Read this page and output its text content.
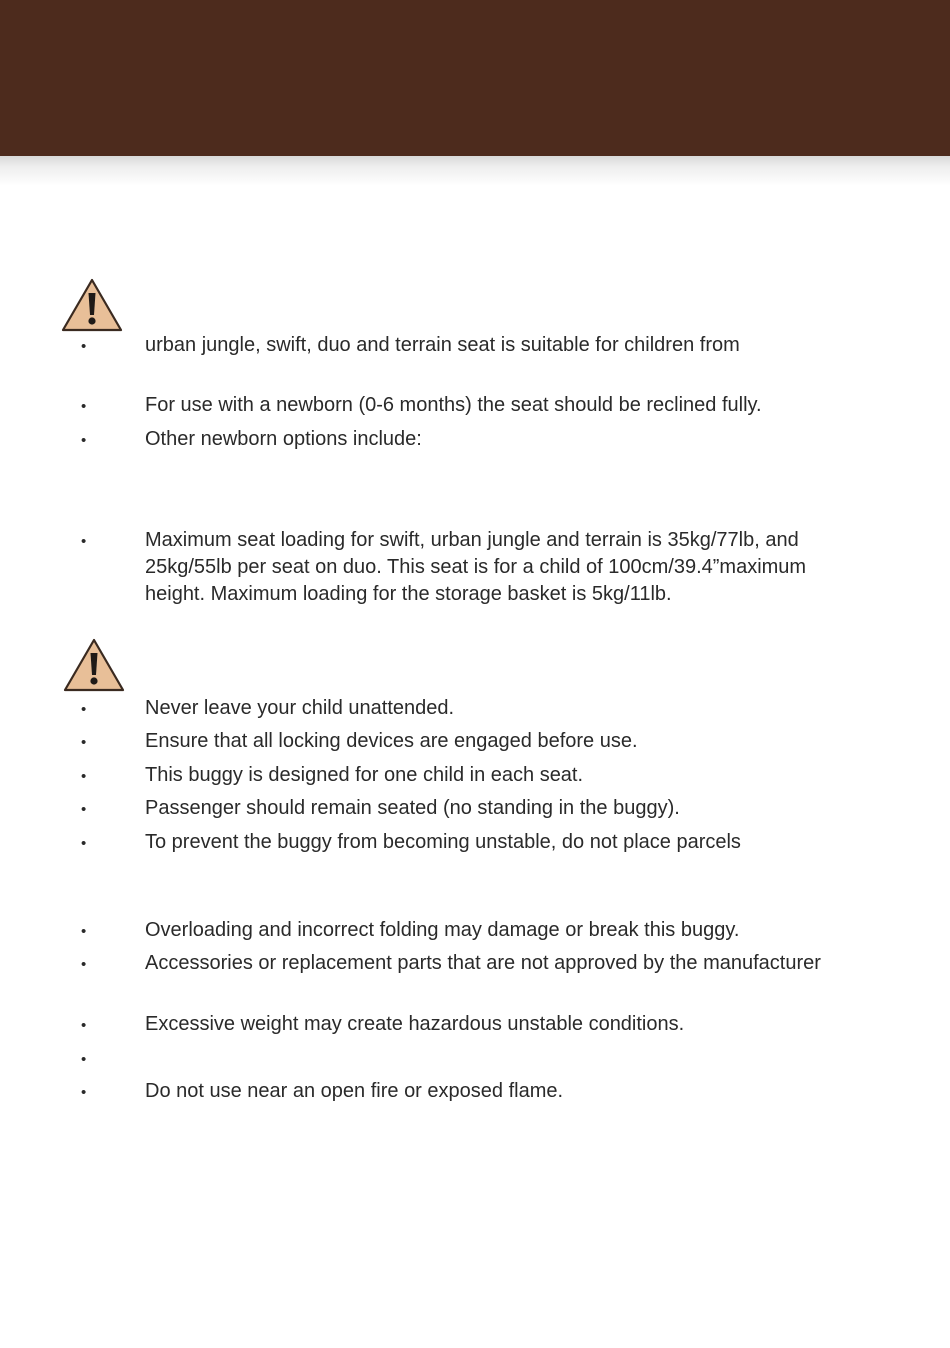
•
urban jungle, swift, duo and terrain seat is suitable for children from
•
For use with a newborn (0-6 months) the seat should be reclined fully.
•
Other newborn options include:
•
Maximum seat loading for swift, urban jungle and terrain is 35kg/77lb, and 25kg/55lb per seat on duo. This seat is for a child of 100cm/39.4”maximum height. Maximum loading for the storage basket is 5kg/11lb.
•
Never leave your child unattended.
•
Ensure that all locking devices are engaged before use.
•
This buggy is designed for one child in each seat.
•
Passenger should remain seated (no standing in the buggy).
•
To prevent the buggy from becoming unstable, do not place parcels
•
Overloading and incorrect folding may damage or break this buggy.
•
Accessories or replacement parts that are not approved by the manufacturer
•
Excessive weight may create hazardous unstable conditions.
•
•
Do not use near an open fire or exposed flame.
